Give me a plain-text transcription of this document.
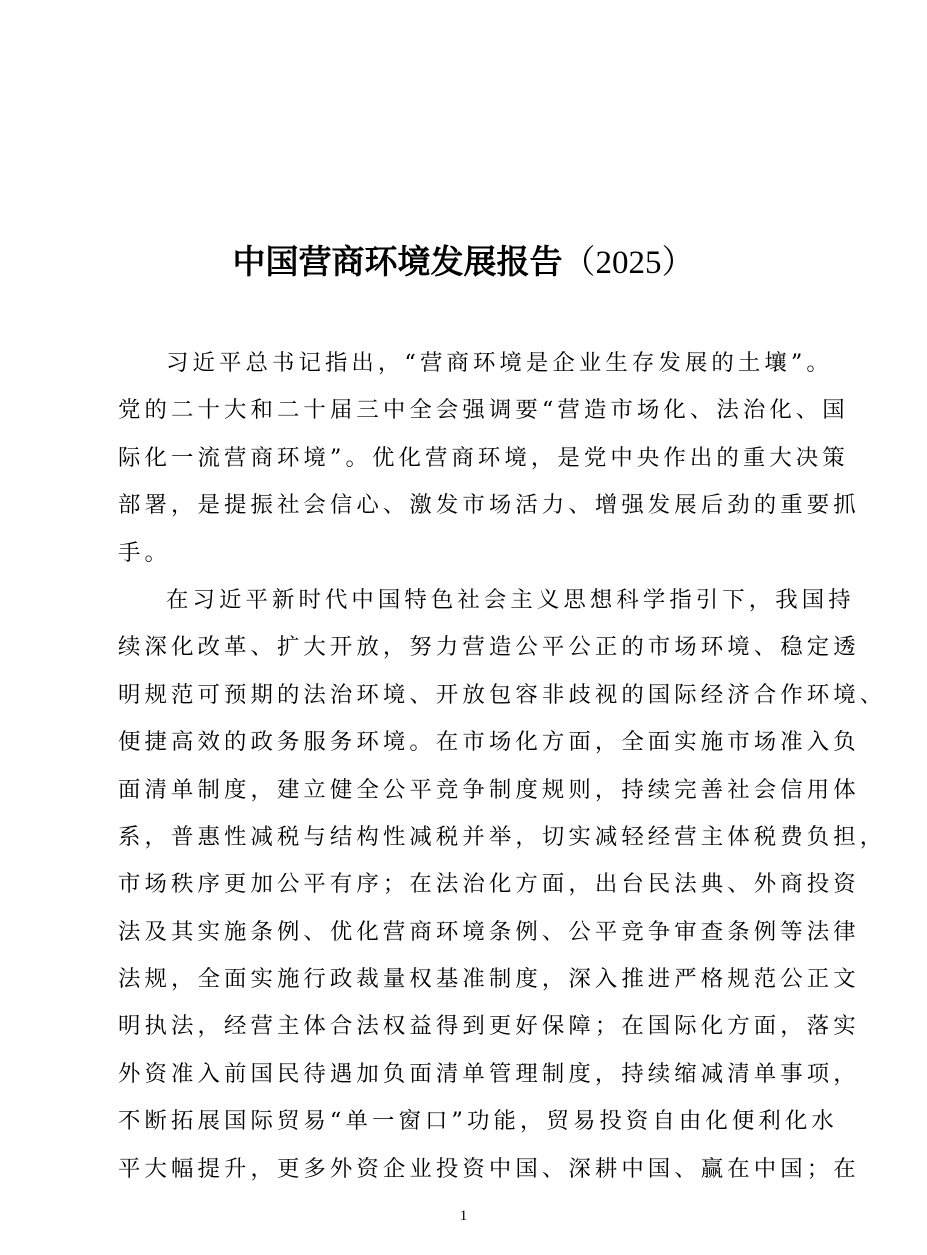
中国营商环境发展报告（2025）

习近平总书记指出，“营商环境是企业生存发展的土壤”。
党的二十大和二十届三中全会强调要“营造市场化、法治化、国
际化一流营商环境”。优化营商环境，是党中央作出的重大决策
部署，是提振社会信心、激发市场活力、增强发展后劲的重要抓
手。

在习近平新时代中国特色社会主义思想科学指引下，我国持
续深化改革、扩大开放，努力营造公平公正的市场环境、稳定透
明规范可预期的法治环境、开放包容非歧视的国际经济合作环境、
便捷高效的政务服务环境。在市场化方面，全面实施市场准入负
面清单制度，建立健全公平竞争制度规则，持续完善社会信用体
系，普惠性减税与结构性减税并举，切实减轻经营主体税费负担，
市场秩序更加公平有序；在法治化方面，出台民法典、外商投资
法及其实施条例、优化营商环境条例、公平竞争审查条例等法律
法规，全面实施行政裁量权基准制度，深入推进严格规范公正文
明执法，经营主体合法权益得到更好保障；在国际化方面，落实
外资准入前国民待遇加负面清单管理制度，持续缩减清单事项，
不断拓展国际贸易“单一窗口”功能，贸易投资自由化便利化水
平大幅提升，更多外资企业投资中国、深耕中国、赢在中国；在

1
